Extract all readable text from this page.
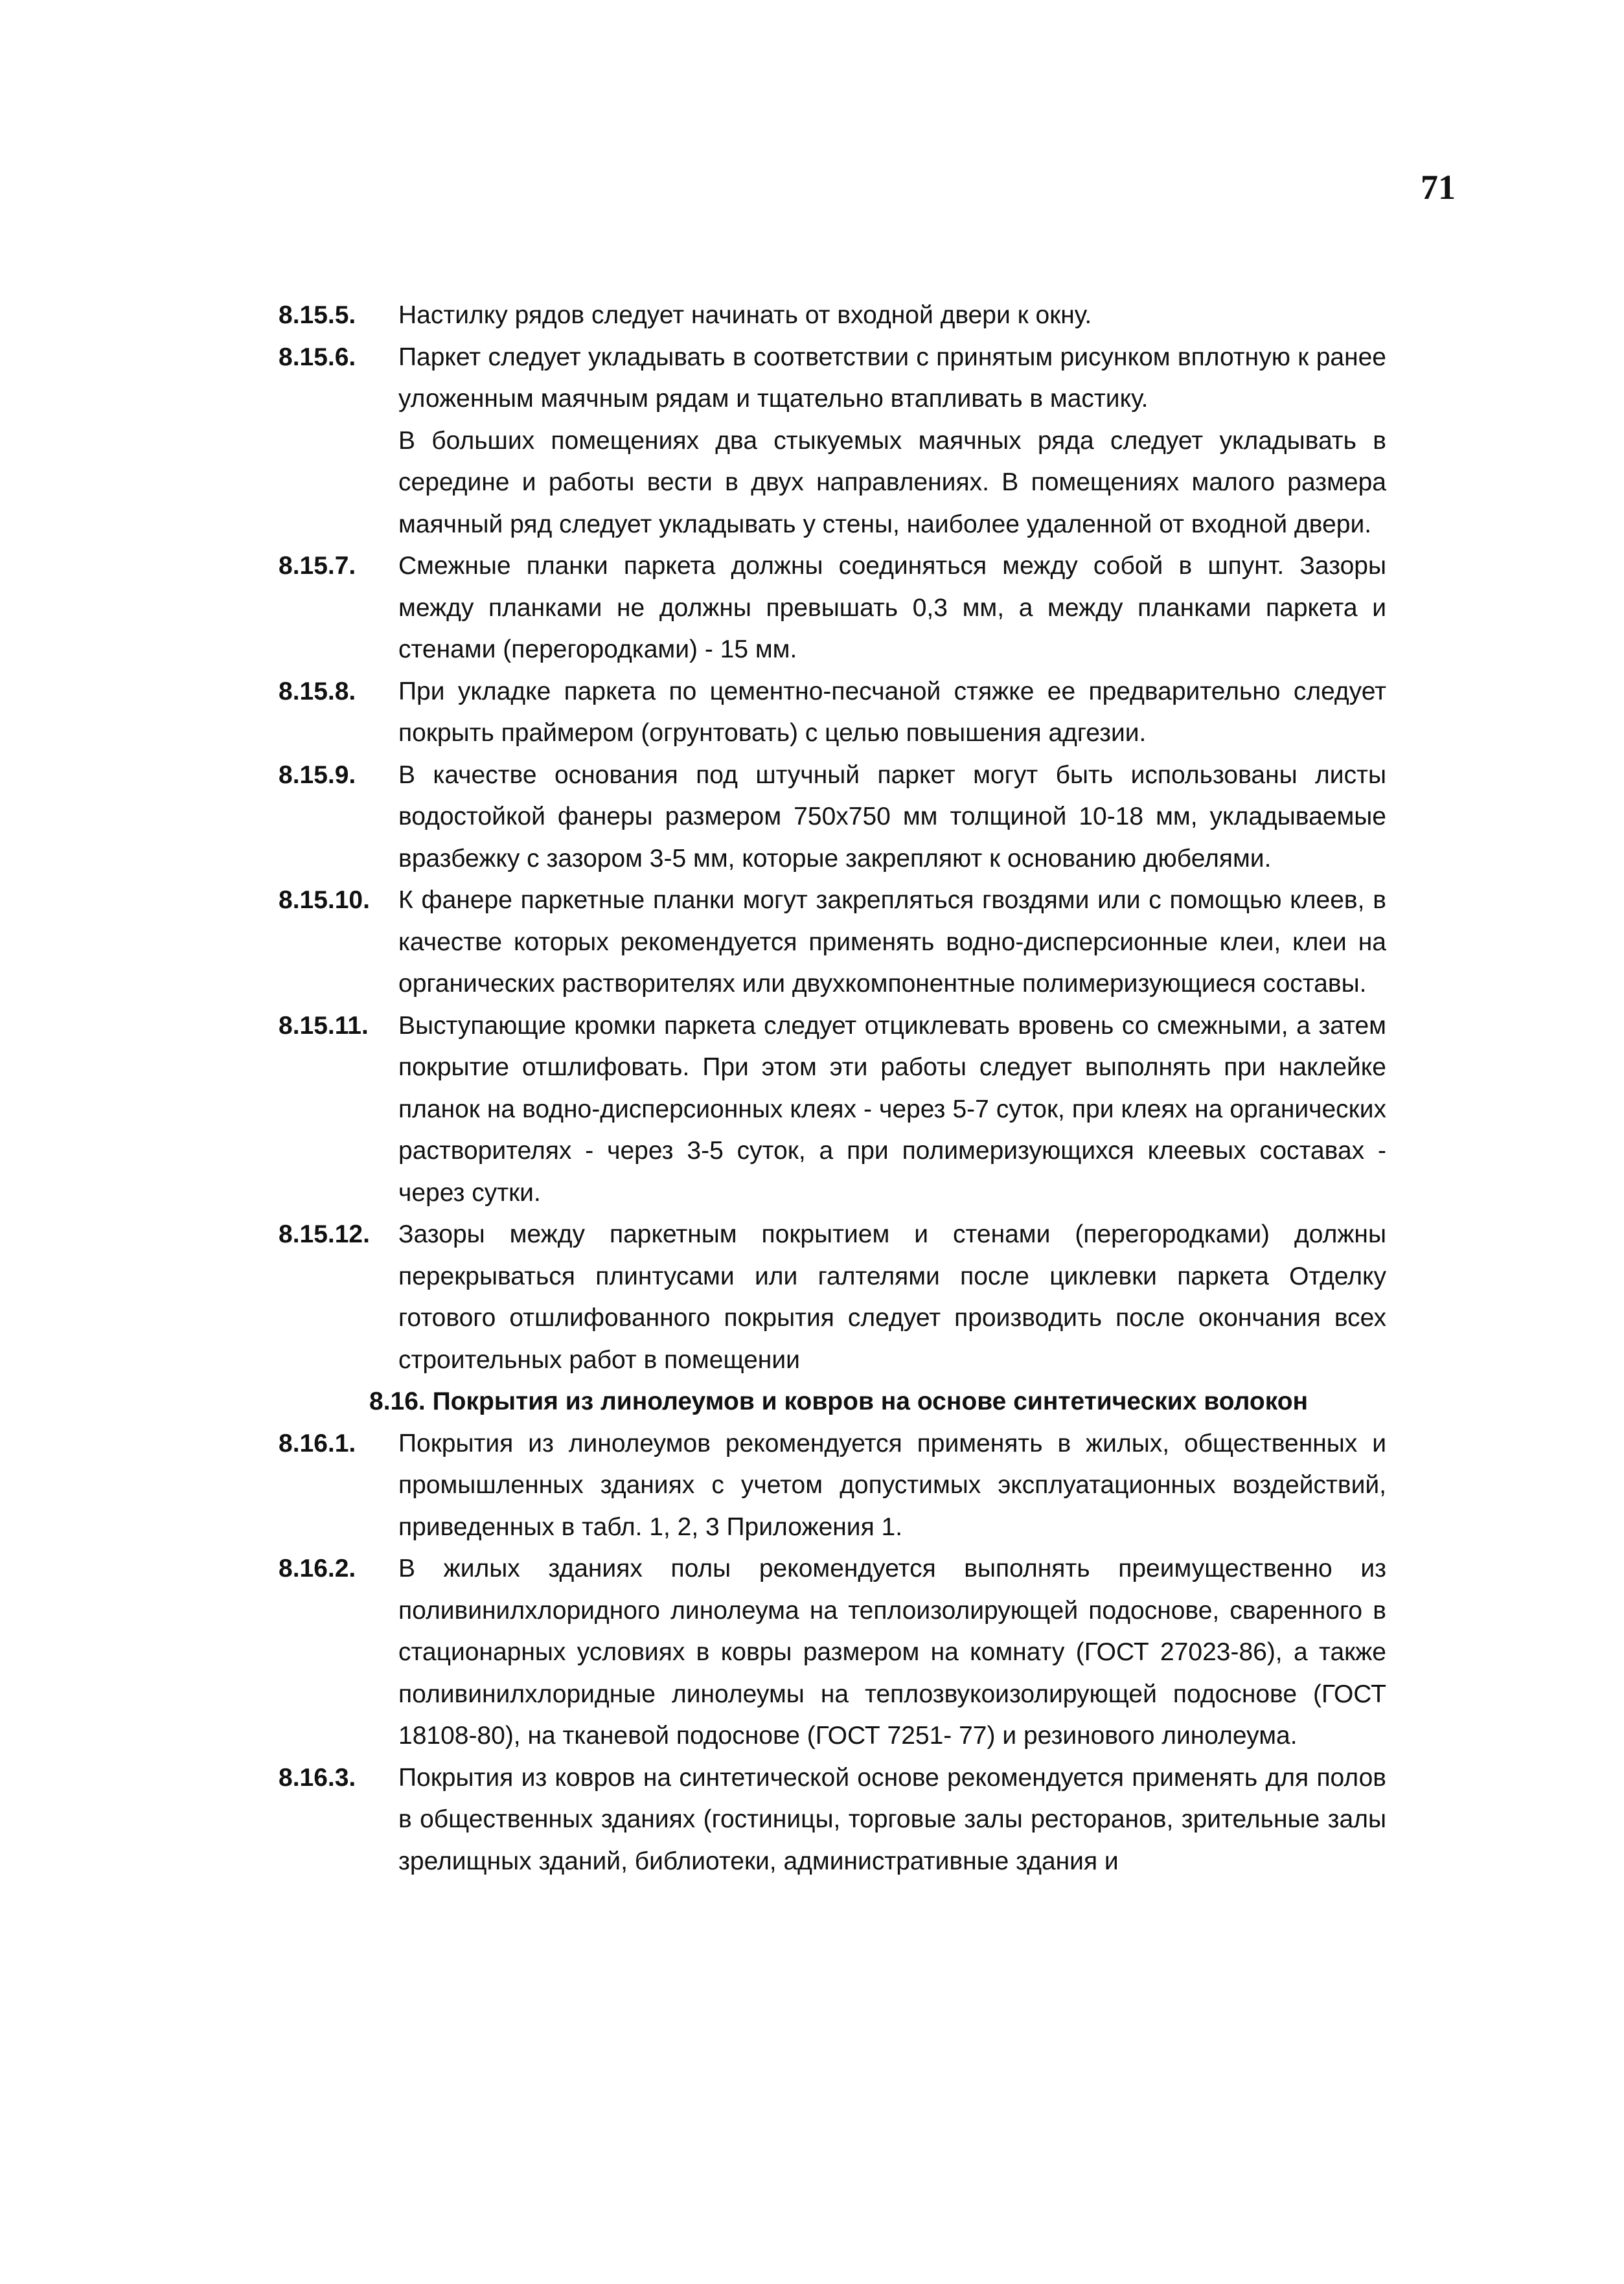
71
8.15.5.	Настилку рядов следует начинать от входной двери к окну.

8.15.6.	Паркет следует укладывать в соответствии с принятым рисунком вплотную к ранее уложенным маячным рядам и тщательно втапливать в мастику.

В больших помещениях два стыкуемых маячных ряда следует укладывать в середине и работы вести в двух направлениях. В помещениях малого размера маячный ряд следует укладывать у стены, наиболее удаленной от входной двери.

8.15.7.	Смежные планки паркета должны соединяться между собой в шпунт. Зазоры между планками не должны превышать 0,3 мм, а между планками паркета и стенами (перегородками) - 15 мм.

8.15.8.	При укладке паркета по цементно-песчаной стяжке ее предварительно следует покрыть праймером (огрунтовать) с целью повышения адгезии.

8.15.9.	В качестве основания под штучный паркет могут быть использованы листы водостойкой фанеры размером 750х750 мм толщиной 10-18 мм, укладываемые вразбежку с зазором 3-5 мм, которые закрепляют к основанию дюбелями.

8.15.10.	К фанере паркетные планки могут закрепляться гвоздями или с помощью клеев, в качестве которых рекомендуется применять водно-дисперсионные клеи, клеи на органических растворителях или двухкомпонентные полимеризующиеся составы.

8.15.11.	Выступающие кромки паркета следует отциклевать вровень со смежными, а затем покрытие отшлифовать. При этом эти работы следует выполнять при наклейке планок на водно-дисперсионных клеях - через 5-7 суток, при клеях на органических растворителях - через 3-5 суток, а при полимеризующихся клеевых составах - через сутки.

8.15.12.	Зазоры между паркетным покрытием и стенами (перегородками) должны перекрываться плинтусами или галтелями после циклевки паркета Отделку готового отшлифованного покрытия следует производить после окончания всех строительных работ в помещении

8.16. Покрытия из линолеумов и ковров на основе синтетических волокон
8.16.1.	Покрытия из линолеумов рекомендуется применять в жилых, общественных и промышленных зданиях с учетом допустимых эксплуатационных воздействий, приведенных в табл. 1, 2, 3 Приложения 1.

8.16.2.	В жилых зданиях полы рекомендуется выполнять преимущественно из поливинилхлоридного линолеума на теплоизолирующей подоснове, сваренного в стационарных условиях в ковры размером на комнату (ГОСТ 27023-86), а также поливинилхлоридные линолеумы на теплозвукоизолирующей подоснове (ГОСТ 18108-80), на тканевой подоснове (ГОСТ 7251- 77) и резинового линолеума.

8.16.3.	Покрытия из ковров на синтетической основе рекомендуется применять для полов в общественных зданиях (гостиницы, торговые залы ресторанов, зрительные залы зрелищных зданий, библиотеки, административные здания и
